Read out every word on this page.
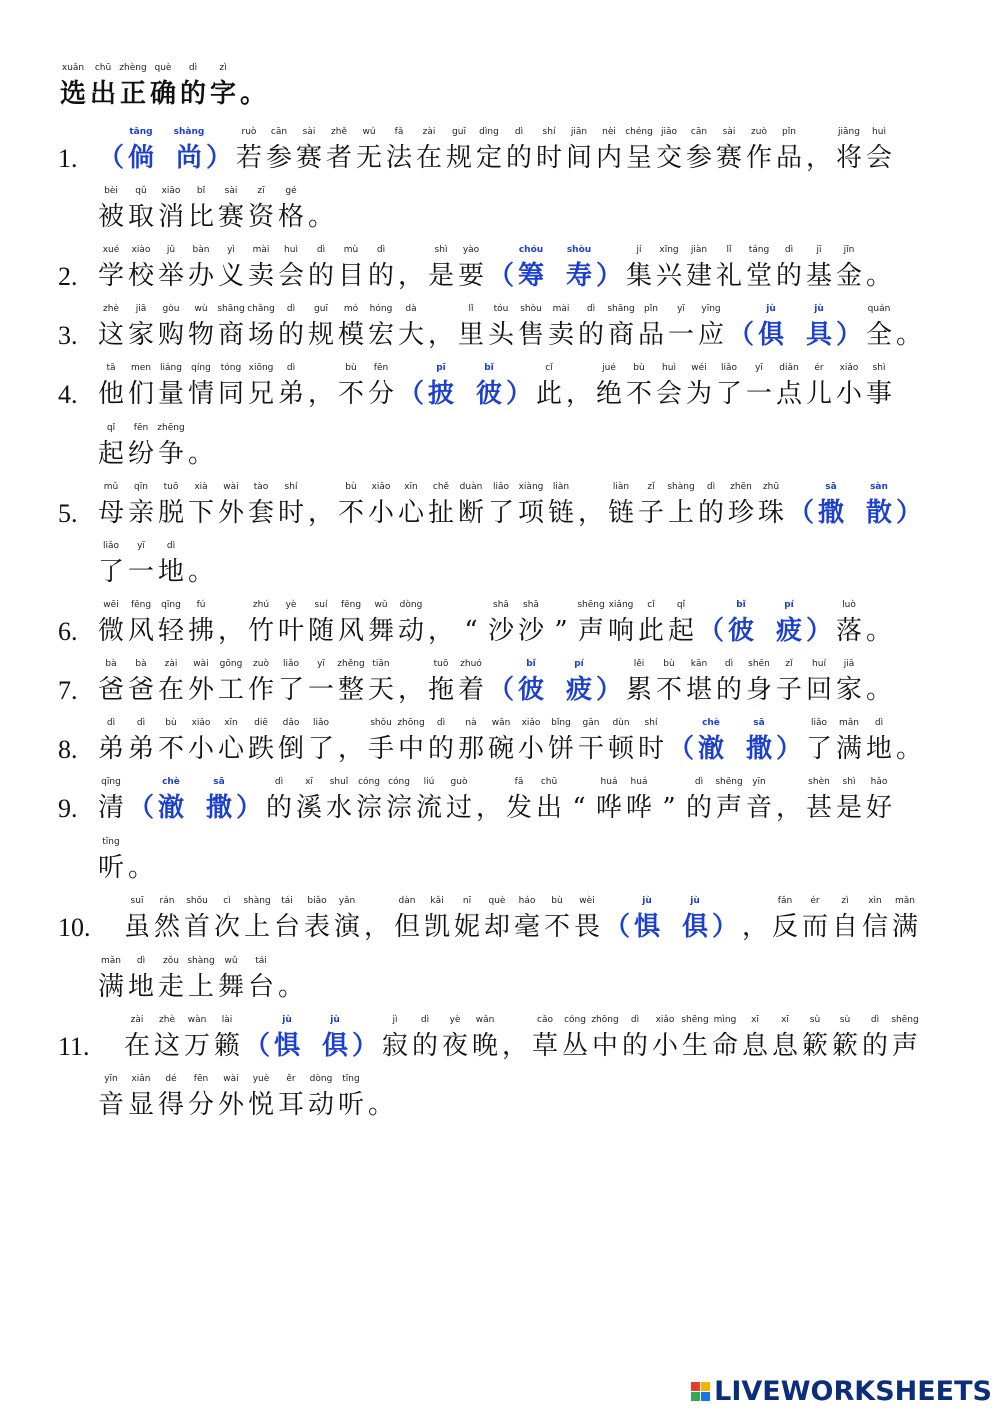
xuǎn
选
chū
出
zhèng
正
què
确
dì
的
zì
字 。
1. （
tǎng
倘
shàng
尚 ）
ruò
若
cān
参
sài
赛
zhě
者
wú
无
fǎ
法
zài
在
guī
规
dìng
定
dì
的
shí
时
jiān
间
nèi
内
chéng
呈
jiāo
交
cān
参
sài
赛
zuò
作
pǐn
品 ，
jiāng
将
huì
会
bèi
被
qǔ
取
xiāo
消
bǐ
比
sài
赛
zī
资
gé
格 。
2.
xué
学
xiào
校
jǔ
举
bàn
办
yì
义
mài
卖
huì
会
dì
的
mù
目
dì
的 ，
shì
是
yào
要 （
chóu
筹
shòu
寿 ）
jí
集
xīng
兴
jiàn
建
lǐ
礼
táng
堂
dì
的
jī
基
jīn
金 。
3.
zhè
这
jiā
家
gòu
购
wù
物
shāng
商
chǎng
场
dì
的
guī
规
mó
模
hóng
宏
dà
大 ，
lǐ
里
tóu
头
shòu
售
mài
卖
dì
的
shāng
商
pǐn
品
yī
一
yīng
应 （
jù
俱
jù
具 ）
quán
全 。
4.
tā
他
men
们
liáng
量
qíng
情
tóng
同
xiōng
兄
dì
弟 ，
bù
不
fēn
分 （
pī
披
bǐ
彼 ）
cǐ
此 ，
jué
绝
bù
不
huì
会
wéi
为
liǎo
了
yī
一
diǎn
点
ér
儿
xiǎo
小
shì
事
qǐ
起
fēn
纷
zhēng
争 。
5.
mǔ
母
qīn
亲
tuō
脱
xià
下
wài
外
tào
套
shí
时 ，
bù
不
xiǎo
小
xīn
心
chě
扯
duàn
断
liǎo
了
xiàng
项
liàn
链 ，
liàn
链
zǐ
子
shàng
上
dì
的
zhēn
珍
zhū
珠 （
sā
撒
sàn
散 ）
liǎo
了
yī
一
dì
地 。
6.
wēi
微
fēng
风
qīng
轻
fú
拂 ，
zhú
竹
yè
叶
suí
随
fēng
风
wǔ
舞
dòng
动 ， “
shā
沙
shā
沙 ”
shēng
声
xiǎng
响
cǐ
此
qǐ
起 （
bǐ
彼
pí
疲 ）
luò
落 。
7.
bà
爸
bà
爸
zài
在
wài
外
gōng
工
zuò
作
liǎo
了
yī
一
zhěng
整
tiān
天 ，
tuō
拖
zhuó
着 （
bǐ
彼
pí
疲 ）
lěi
累
bù
不
kān
堪
dì
的
shēn
身
zǐ
子
huí
回
jiā
家 。
8.
dì
弟
dì
弟
bù
不
xiǎo
小
xīn
心
diē
跌
dǎo
倒
liǎo
了 ，
shǒu
手
zhōng
中
dì
的
nà
那
wǎn
碗
xiǎo
小
bǐng
饼
gān
干
dùn
顿
shí
时 （
chè
澈
sā
撒 ）
liǎo
了
mǎn
满
dì
地 。
9.
qīng
清 （
chè
澈
sā
撒 ）
dì
的
xī
溪
shuǐ
水
cóng
淙
cóng
淙
liú
流
guò
过 ，
fā
发
chū
出 “
huá
哗
huá
哗 ”
dì
的
shēng
声
yīn
音 ，
shèn
甚
shì
是
hǎo
好
tīng
听 。
10.
suī
虽
rán
然
shǒu
首
cì
次
shàng
上
tái
台
biǎo
表
yǎn
演 ，
dàn
但
kǎi
凯
nī
妮
què
却
háo
毫
bù
不
wèi
畏 （
jù
惧
jù
俱 ） ，
fǎn
反
ér
而
zì
自
xìn
信
mǎn
满
mǎn
满
dì
地
zǒu
走
shàng
上
wǔ
舞
tái
台 。
11.
zài
在
zhè
这
wàn
万
lài
籁 （
jù
惧
jù
俱 ）
jì
寂
dì
的
yè
夜
wǎn
晚 ，
cǎo
草
cóng
丛
zhōng
中
dì
的
xiǎo
小
shēng
生
mìng
命
xī
息
xī
息
sù
簌
sù
簌
dì
的
shēng
声
yīn
音
xiǎn
显
dé
得
fēn
分
wài
外
yuè
悦
ěr
耳
dòng
动
tīng
听 。
LIVEWORKSHEETS
